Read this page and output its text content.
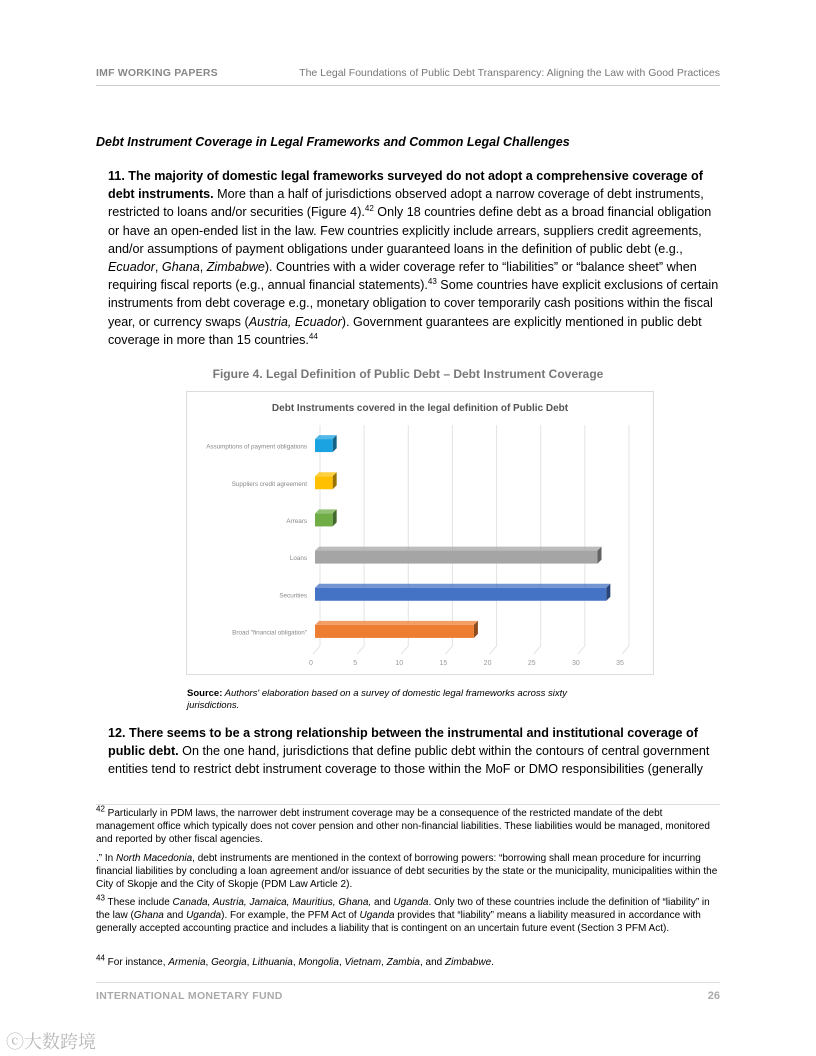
IMF WORKING PAPERS	The Legal Foundations of Public Debt Transparency: Aligning the Law with Good Practices
Debt Instrument Coverage in Legal Frameworks and Common Legal Challenges
11. The majority of domestic legal frameworks surveyed do not adopt a comprehensive coverage of debt instruments. More than a half of jurisdictions observed adopt a narrow coverage of debt instruments, restricted to loans and/or securities (Figure 4).$^{42}$ Only 18 countries define debt as a broad financial obligation or have an open-ended list in the law. Few countries explicitly include arrears, suppliers credit agreements, and/or assumptions of payment obligations under guaranteed loans in the definition of public debt (e.g., Ecuador, Ghana, Zimbabwe). Countries with a wider coverage refer to “liabilities” or “balance sheet” when requiring fiscal reports (e.g., annual financial statements).$^{43}$ Some countries have explicit exclusions of certain instruments from debt coverage e.g., monetary obligation to cover temporarily cash positions within the fiscal year, or currency swaps (Austria, Ecuador). Government guarantees are explicitly mentioned in public debt coverage in more than 15 countries.$^{44}$
Figure 4. Legal Definition of Public Debt – Debt Instrument Coverage
Debt Instruments covered in the legal definition of Public Debt
0	5	10	15	20	25	30	35
Assumptions of payment obligations
Suppliers credit agreement
Arrears
Loans
Securities
Broad "financial obligation"
Source: Authors' elaboration based on a survey of domestic legal frameworks across sixty jurisdictions.
12. There seems to be a strong relationship between the instrumental and institutional coverage of public debt. On the one hand, jurisdictions that define public debt within the contours of central government entities tend to restrict debt instrument coverage to those within the MoF or DMO responsibilities (generally
$^{42}$ Particularly in PDM laws, the narrower debt instrument coverage may be a consequence of the restricted mandate of the debt management office which typically does not cover pension and other non-financial liabilities. These liabilities would be managed, monitored and reported by other fiscal agencies.
.” In North Macedonia, debt instruments are mentioned in the context of borrowing powers: “borrowing shall mean procedure for incurring financial liabilities by concluding a loan agreement and/or issuance of debt securities by the state or the municipality, municipalities within the City of Skopje and the City of Skopje (PDM Law Article 2).
$^{43}$ These include Canada, Austria, Jamaica, Mauritius, Ghana, and Uganda. Only two of these countries include the definition of “liability” in the law (Ghana and Uganda). For example, the PFM Act of Uganda provides that “liability” means a liability measured in accordance with generally accepted accounting practice and includes a liability that is contingent on an uncertain future event (Section 3 PFM Act).
$^{44}$ For instance, Armenia, Georgia, Lithuania, Mongolia, Vietnam, Zambia, and Zimbabwe.
INTERNATIONAL MONETARY FUND	26
ⓒ大数跨境
